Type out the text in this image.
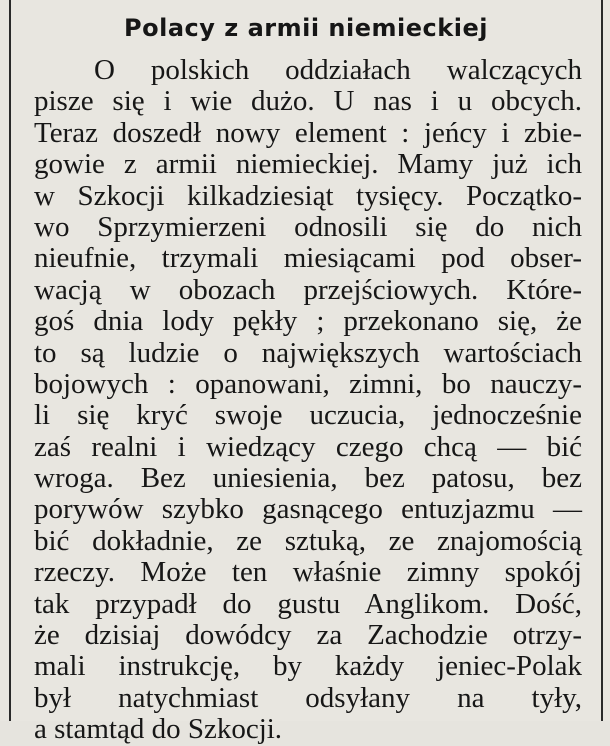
Polacy z armii niemieckiej
O polskich oddziałach walczących
pisze się i wie dużo. U nas i u obcych.
Teraz doszedł nowy element : jeńcy i zbie-
gowie z armii niemieckiej. Mamy już ich
w Szkocji kilkadziesiąt tysięcy. Początko-
wo Sprzymierzeni odnosili się do nich
nieufnie, trzymali miesiącami pod obser-
wacją w obozach przejściowych. Które-
goś dnia lody pękły ; przekonano się, że
to są ludzie o największych wartościach
bojowych : opanowani, zimni, bo nauczy-
li się kryć swoje uczucia, jednocześnie
zaś realni i wiedzący czego chcą — bić
wroga. Bez uniesienia, bez patosu, bez
porywów szybko gasnącego entuzjazmu —
bić dokładnie, ze sztuką, ze znajomością
rzeczy. Może ten właśnie zimny spokój
tak przypadł do gustu Anglikom. Dość,
że dzisiaj dowódcy za Zachodzie otrzy-
mali instrukcję, by każdy jeniec-Polak
był natychmiast odsyłany na tyły,
a stamtąd do Szkocji.
